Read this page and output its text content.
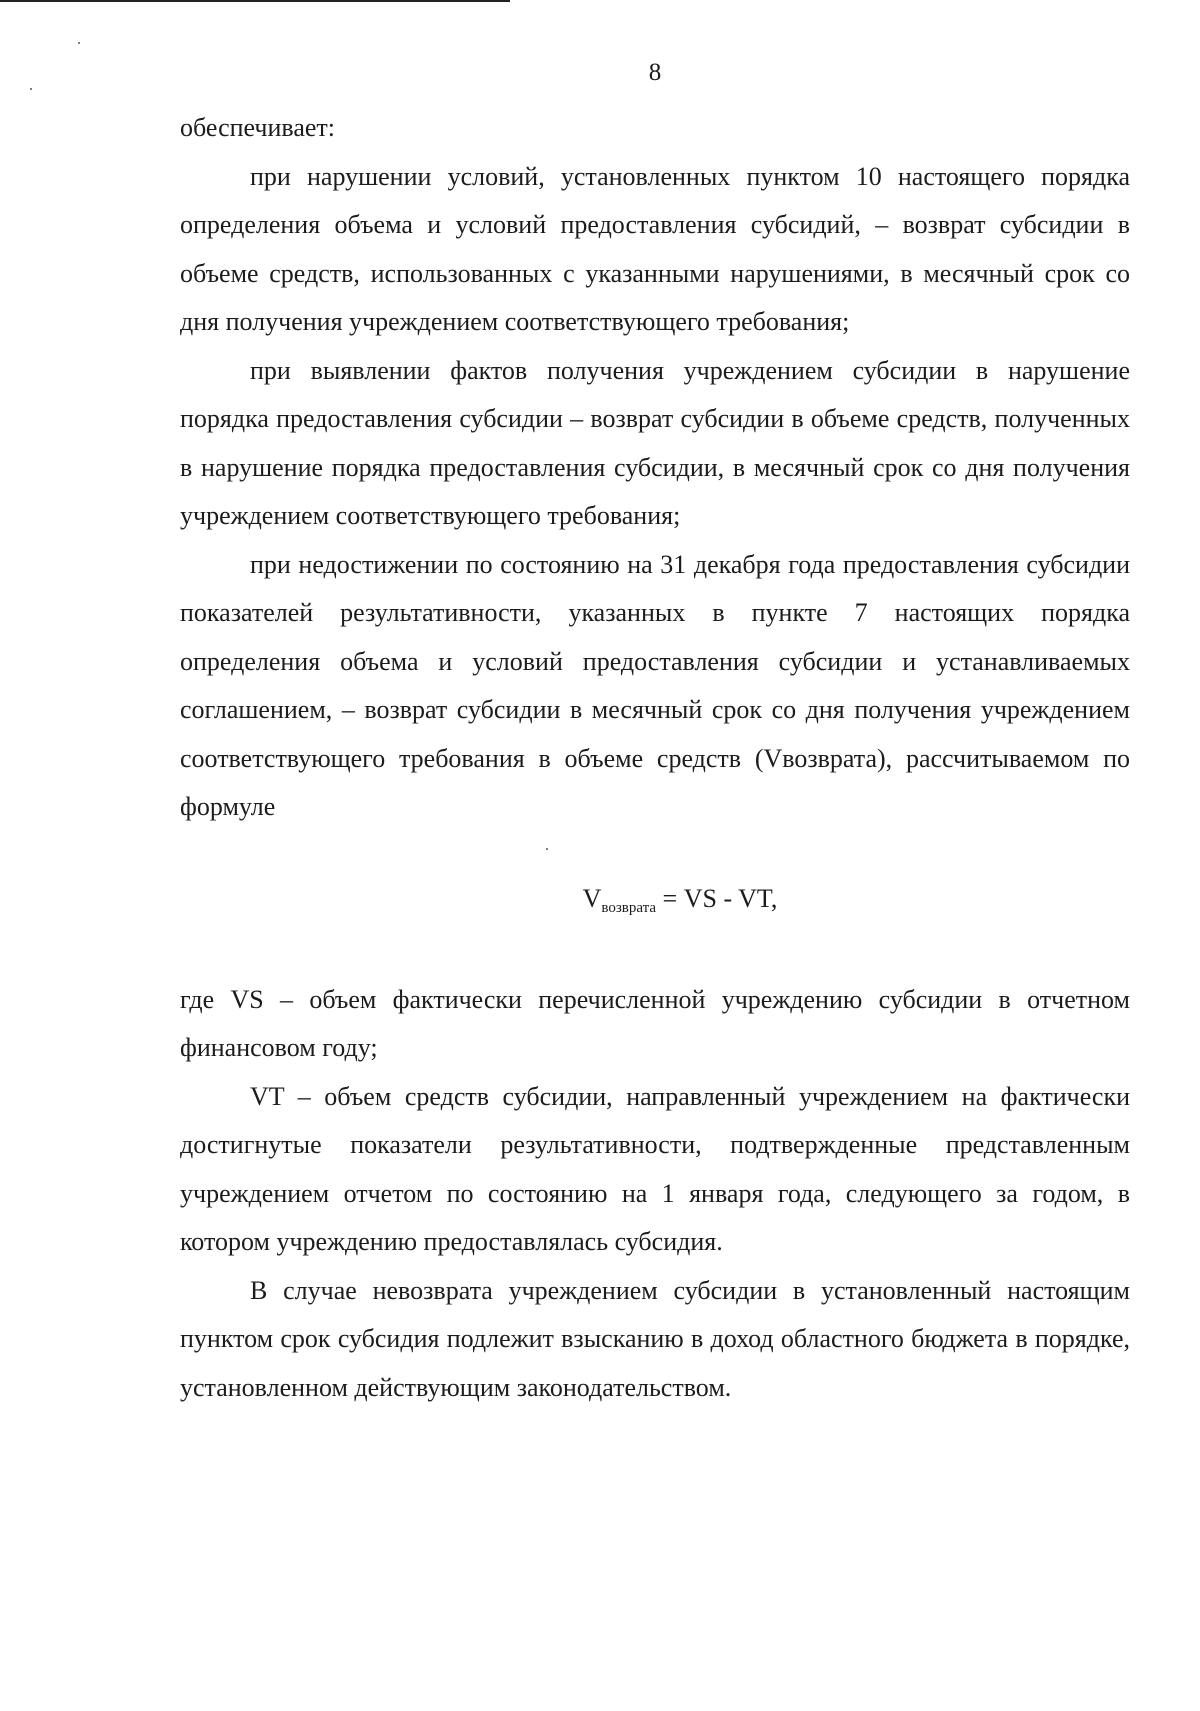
8

обеспечивает:

при нарушении условий, установленных пунктом 10 настоящего порядка определения объема и условий предоставления субсидий, – возврат субсидии в объеме средств, использованных с указанными нарушениями, в месячный срок со дня получения учреждением соответствующего требования;

при выявлении фактов получения учреждением субсидии в нарушение порядка предоставления субсидии – возврат субсидии в объеме средств, полученных в нарушение порядка предоставления субсидии, в месячный срок со дня получения учреждением соответствующего требования;

при недостижении по состоянию на 31 декабря года предоставления субсидии показателей результативности, указанных в пункте 7 настоящих порядка определения объема и условий предоставления субсидии и устанавливаемых соглашением, – возврат субсидии в месячный срок со дня получения учреждением соответствующего требования в объеме средств (Vвозврата), рассчитываемом по формуле

Vвозврата = VS - VT,

где VS – объем фактически перечисленной учреждению субсидии в отчетном финансовом году;

VT – объем средств субсидии, направленный учреждением на фактически достигнутые показатели результативности, подтвержденные представленным учреждением отчетом по состоянию на 1 января года, следующего за годом, в котором учреждению предоставлялась субсидия.

В случае невозврата учреждением субсидии в установленный настоящим пунктом срок субсидия подлежит взысканию в доход областного бюджета в порядке, установленном действующим законодательством.
